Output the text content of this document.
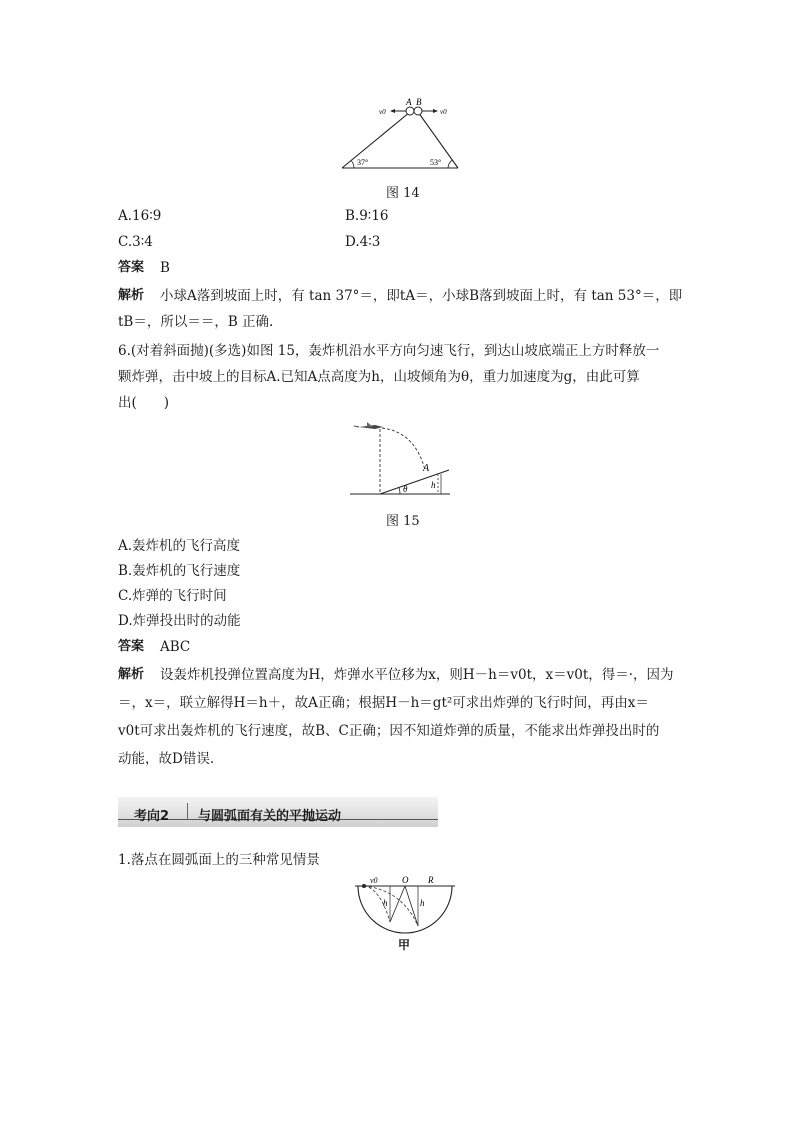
A B
v0	v0
37°	53°
图 14
A.16∶9	B.9∶16
C.3∶4	D.4∶3
答案 B
解析 小球A落到坡面上时，有 tan 37°＝，即tA＝，小球B落到坡面上时，有 tan 53°＝，即
tB＝，所以＝＝，B 正确.
6.(对着斜面抛)(多选)如图 15，轰炸机沿水平方向匀速飞行，到达山坡底端正上方时释放一
颗炸弹，击中坡上的目标A.已知A点高度为h，山坡倾角为θ，重力加速度为g，由此可算
出(　　)
A
θ	h
图 15
A.轰炸机的飞行高度
B.轰炸机的飞行速度
C.炸弹的飞行时间
D.炸弹投出时的动能
答案 ABC
解析 设轰炸机投弹位置高度为H，炸弹水平位移为x，则H－h＝v0t，x＝v0t，得＝·，因为
＝，x＝，联立解得H＝h＋，故A正确；根据H－h＝gt²可求出炸弹的飞行时间，再由x＝
v0t可求出轰炸机的飞行速度，故B、C正确；因不知道炸弹的质量，不能求出炸弹投出时的
动能，故D错误.
考向2 与圆弧面有关的平抛运动
1.落点在圆弧面上的三种常见情景
v0	O R
h	h
甲
